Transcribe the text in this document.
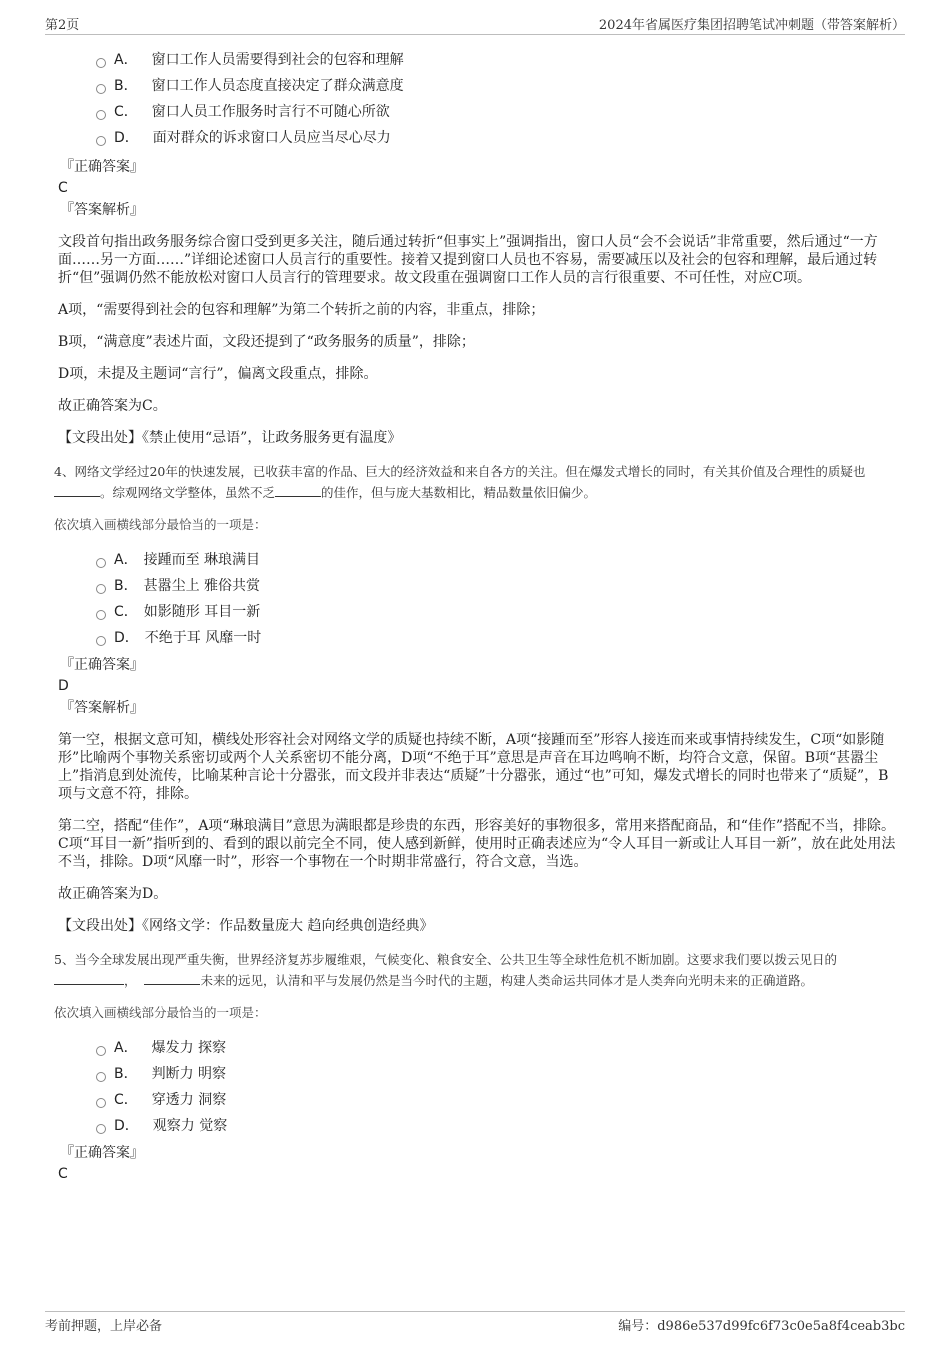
第2页	2024年省属医疗集团招聘笔试冲刺题（带答案解析）
A． 窗口工作人员需要得到社会的包容和理解
B． 窗口工作人员态度直接决定了群众满意度
C． 窗口人员工作服务时言行不可随心所欲
D． 面对群众的诉求窗口人员应当尽心尽力
『正确答案』
C
『答案解析』

文段首句指出政务服务综合窗口受到更多关注，随后通过转折“但事实上”强调指出，窗口人员“会不会说话”非常重要，然后通过“一方面……另一方面……”详细论述窗口人员言行的重要性。接着又提到窗口人员也不容易，需要减压以及社会的包容和理解，最后通过转折“但”强调仍然不能放松对窗口人员言行的管理要求。故文段重在强调窗口工作人员的言行很重要、不可任性，对应C项。

A项，“需要得到社会的包容和理解”为第二个转折之前的内容，非重点，排除；

B项，“满意度”表述片面，文段还提到了“政务服务的质量”，排除；

D项，未提及主题词“言行”，偏离文段重点，排除。

故正确答案为C。

【文段出处】《禁止使用“忌语”，让政务服务更有温度》

4、网络文学经过20年的快速发展，已收获丰富的作品、巨大的经济效益和来自各方的关注。但在爆发式增长的同时，有关其价值及合理性的质疑也。综观网络文学整体，虽然不乏	的佳作，但与庞大基数相比，精品数量依旧偏少。
依次填入画横线部分最恰当的一项是：
A． 接踵而至 琳琅满目
B． 甚嚣尘上 雅俗共赏
C． 如影随形 耳目一新
D． 不绝于耳 风靡一时
『正确答案』
D
『答案解析』

第一空，根据文意可知，横线处形容社会对网络文学的质疑也持续不断，A项“接踵而至”形容人接连而来或事情持续发生，C项“如影随形”比喻两个事物关系密切或两个人关系密切不能分离，D项“不绝于耳”意思是声音在耳边鸣响不断，均符合文意，保留。B项“甚嚣尘上”指消息到处流传，比喻某种言论十分嚣张，而文段并非表达“质疑”十分嚣张，通过“也”可知，爆发式增长的同时也带来了“质疑”，B项与文意不符，排除。

第二空，搭配“佳作”，A项“琳琅满目”意思为满眼都是珍贵的东西，形容美好的事物很多，常用来搭配商品，和“佳作”搭配不当，排除。C项“耳目一新”指听到的、看到的跟以前完全不同，使人感到新鲜，使用时正确表述应为“令人耳目一新或让人耳目一新”，放在此处用法不当，排除。D项“风靡一时”，形容一个事物在一个时期非常盛行，符合文意，当选。

故正确答案为D。

【文段出处】《网络文学：作品数量庞大 趋向经典创造经典》

5、当今全球发展出现严重失衡，世界经济复苏步履维艰，气候变化、粮食安全、公共卫生等全球性危机不断加剧。这要求我们要以拨云见日的，	未来的远见，认清和平与发展仍然是当今时代的主题，构建人类命运共同体才是人类奔向光明未来的正确道路。
依次填入画横线部分最恰当的一项是：
A． 爆发力 探察
B． 判断力 明察
C． 穿透力 洞察
D． 观察力 觉察
『正确答案』
C
考前押题，上岸必备	编号：d986e537d99fc6f73c0e5a8f4ceab3bc
